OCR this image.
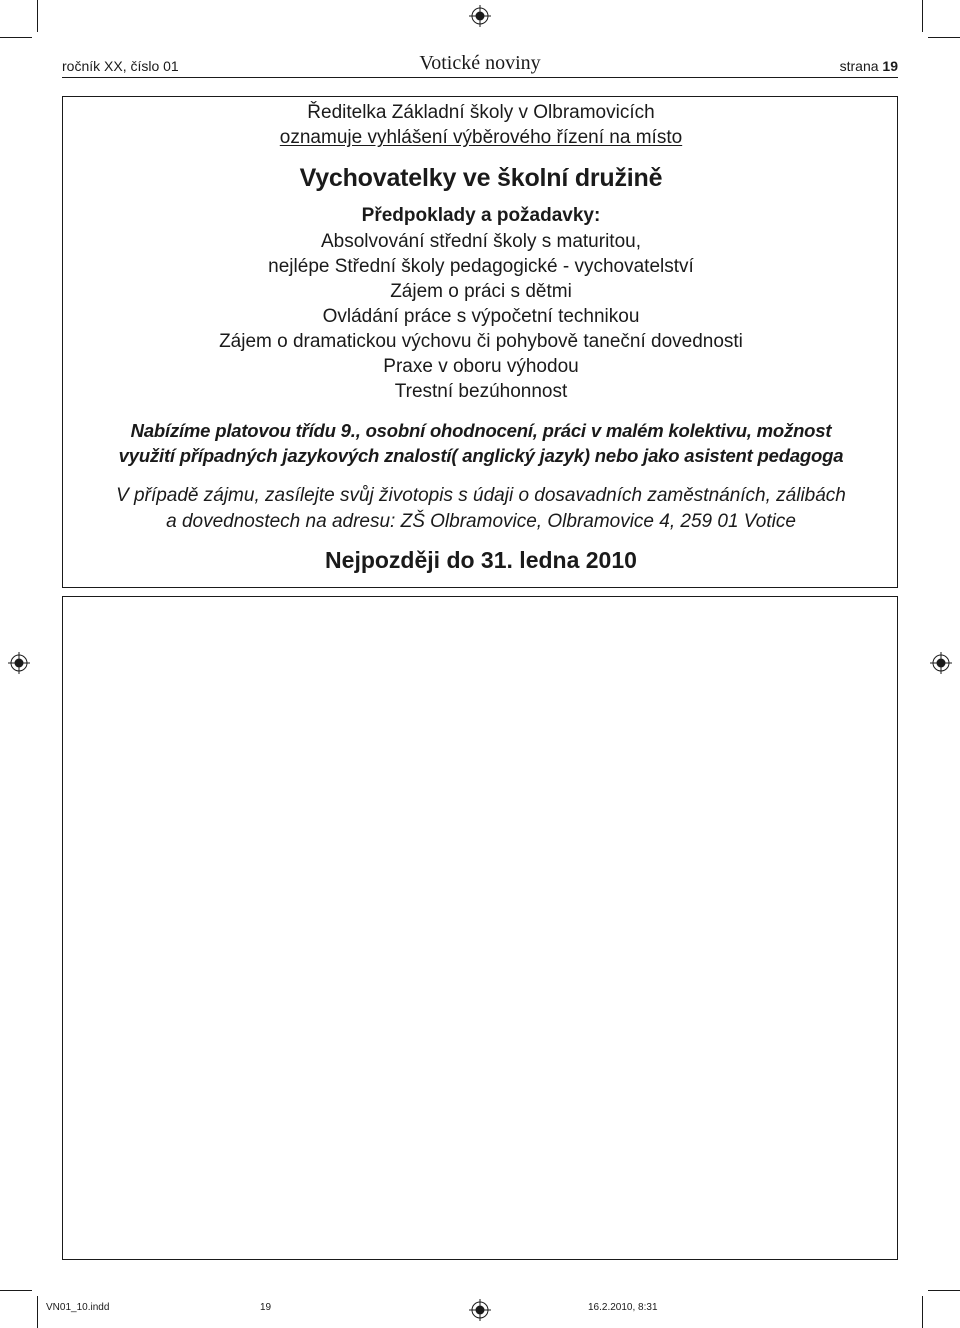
ročník XX, číslo 01	Votické noviny	strana 19
Ředitelka Základní školy v Olbramovicích
oznamuje vyhlášení výběrového řízení na místo
Vychovatelky ve školní družině
Předpoklady a požadavky:
Absolvování střední školy s maturitou,
nejlépe Střední školy pedagogické - vychovatelství
Zájem o práci s dětmi
Ovládání práce s výpočetní technikou
Zájem o dramatickou výchovu či pohybově taneční dovednosti
Praxe v oboru výhodou
Trestní bezúhonnost
Nabízíme platovou třídu 9., osobní ohodnocení, práci v malém kolektivu, možnost
využití případných jazykových znalostí( anglický jazyk) nebo jako asistent pedagoga
V případě zájmu, zasílejte svůj životopis s údaji o dosavadních zaměstnáních, zálibách
a dovednostech na adresu: ZŠ Olbramovice, Olbramovice 4, 259 01 Votice
Nejpozději do 31. ledna 2010
VN01_10.indd	19	16.2.2010, 8:31
